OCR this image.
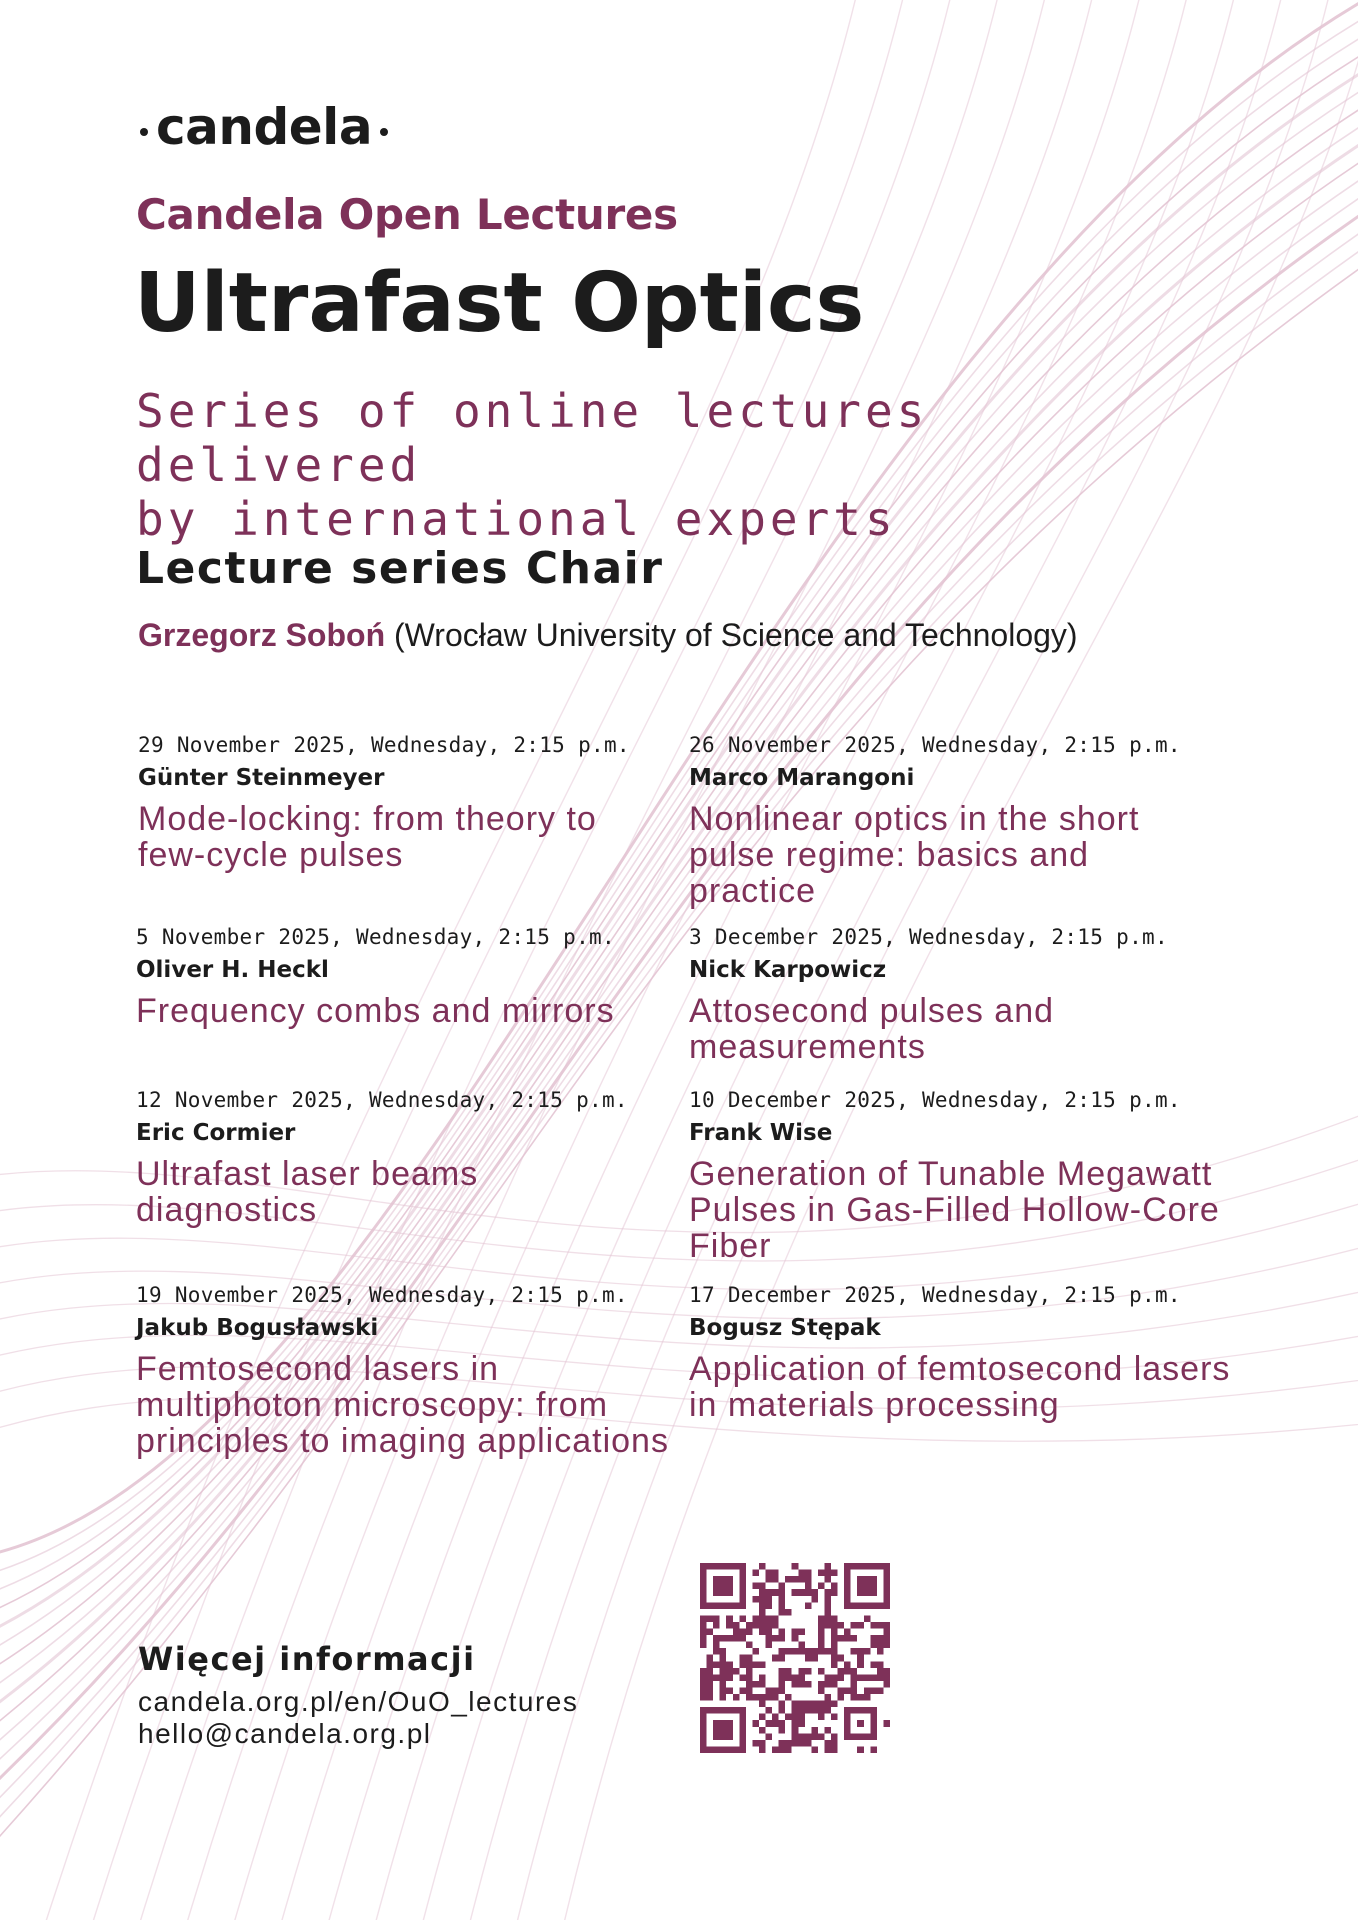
candela
Candela Open Lectures
Ultrafast Optics
Series of online lectures delivered
by international experts
Lecture series Chair
Grzegorz Soboń (Wrocław University of Science and Technology)
29 November 2025, Wednesday, 2:15 p.m.
Günter Steinmeyer
Mode-locking: from theory to few-cycle pulses
26 November 2025, Wednesday, 2:15 p.m.
Marco Marangoni
Nonlinear optics in the short pulse regime: basics and practice
5 November 2025, Wednesday, 2:15 p.m.
Oliver H. Heckl
Frequency combs and mirrors
3 December 2025, Wednesday, 2:15 p.m.
Nick Karpowicz
Attosecond pulses and measurements
12 November 2025, Wednesday, 2:15 p.m.
Eric Cormier
Ultrafast laser beams diagnostics
10 December 2025, Wednesday, 2:15 p.m.
Frank Wise
Generation of Tunable Megawatt Pulses in Gas-Filled Hollow-Core Fiber
19 November 2025, Wednesday, 2:15 p.m.
Jakub Bogusławski
Femtosecond lasers in multiphoton microscopy: from principles to imaging applications
17 December 2025, Wednesday, 2:15 p.m.
Bogusz Stępak
Application of femtosecond lasers in materials processing
Więcej informacji
candela.org.pl/en/OuO_lectures
hello@candela.org.pl
